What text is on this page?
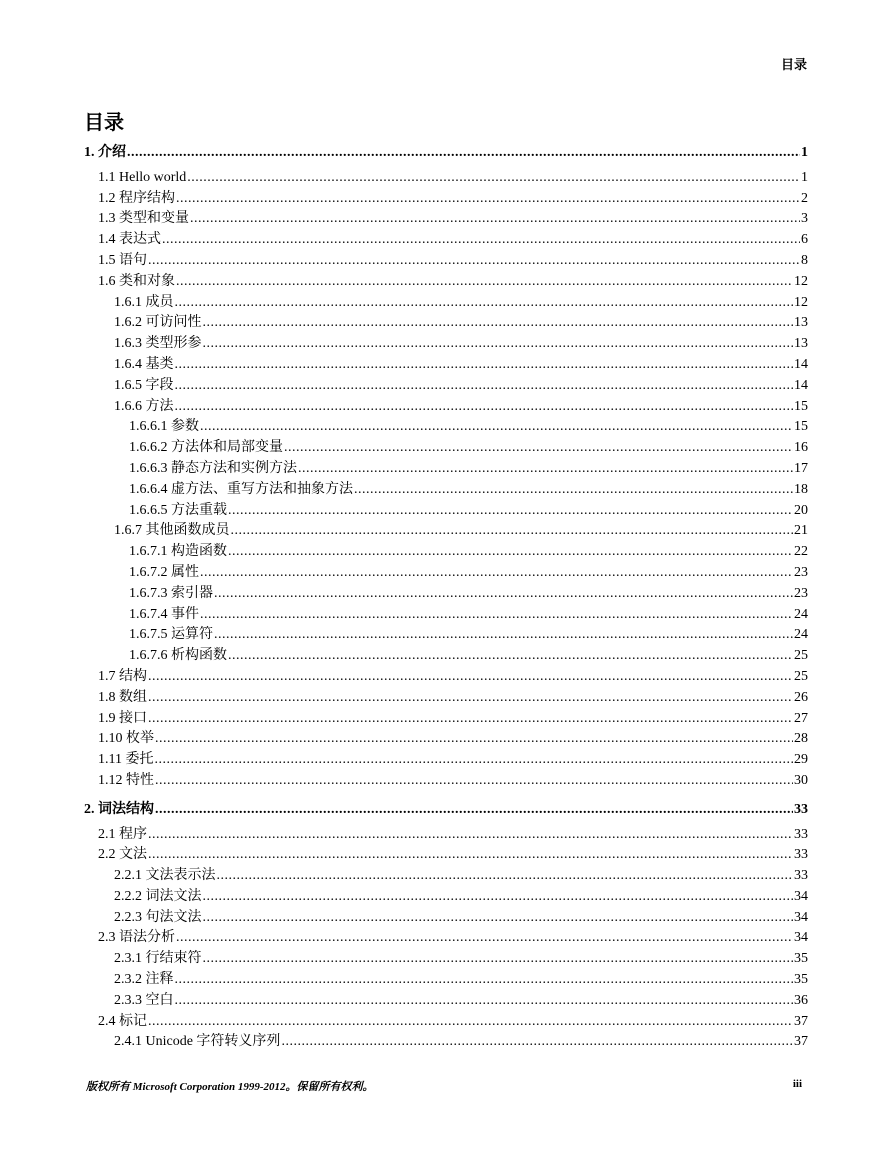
目录
目录
1. 介绍 .....	1
1.1 Hello world .....	1
1.2 程序结构 .....	2
1.3 类型和变量 .....	3
1.4 表达式 .....	6
1.5 语句 .....	8
1.6 类和对象 .....	12
1.6.1 成员 .....	12
1.6.2 可访问性 .....	13
1.6.3 类型形参 .....	13
1.6.4 基类 .....	14
1.6.5 字段 .....	14
1.6.6 方法 .....	15
1.6.6.1 参数 .....	15
1.6.6.2 方法体和局部变量 .....	16
1.6.6.3 静态方法和实例方法 .....	17
1.6.6.4 虚方法、重写方法和抽象方法 .....	18
1.6.6.5 方法重载 .....	20
1.6.7 其他函数成员 .....	21
1.6.7.1 构造函数 .....	22
1.6.7.2 属性 .....	23
1.6.7.3 索引器 .....	23
1.6.7.4 事件 .....	24
1.6.7.5 运算符 .....	24
1.6.7.6 析构函数 .....	25
1.7 结构 .....	25
1.8 数组 .....	26
1.9 接口 .....	27
1.10 枚举 .....	28
1.11 委托 .....	29
1.12 特性 .....	30
2. 词法结构 .....	33
2.1 程序 .....	33
2.2 文法 .....	33
2.2.1 文法表示法 .....	33
2.2.2 词法文法 .....	34
2.2.3 句法文法 .....	34
2.3 语法分析 .....	34
2.3.1 行结束符 .....	35
2.3.2 注释 .....	35
2.3.3 空白 .....	36
2.4 标记 .....	37
2.4.1 Unicode 字符转义序列 .....	37
版权所有 Microsoft Corporation 1999-2012。保留所有权利。	iii
